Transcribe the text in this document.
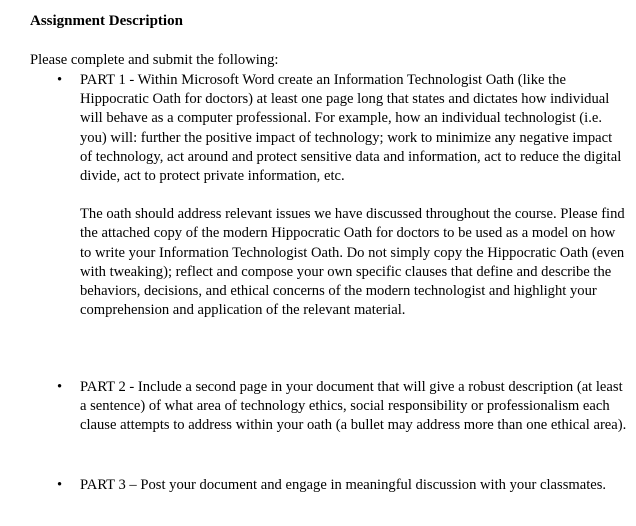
Assignment Description

Please complete and submit the following:

• PART 1 - Within Microsoft Word create an Information Technologist Oath (like the Hippocratic Oath for doctors) at least one page long that states and dictates how individual will behave as a computer professional. For example, how an individual technologist (i.e. you) will: further the positive impact of technology; work to minimize any negative impact of technology, act around and protect sensitive data and information, act to reduce the digital divide, act to protect private information, etc.

The oath should address relevant issues we have discussed throughout the course. Please find the attached copy of the modern Hippocratic Oath for doctors to be used as a model on how to write your Information Technologist Oath. Do not simply copy the Hippocratic Oath (even with tweaking); reflect and compose your own specific clauses that define and describe the behaviors, decisions, and ethical concerns of the modern technologist and highlight your comprehension and application of the relevant material.

• PART 2 - Include a second page in your document that will give a robust description (at least a sentence) of what area of technology ethics, social responsibility or professionalism each clause attempts to address within your oath (a bullet may address more than one ethical area).

• PART 3 – Post your document and engage in meaningful discussion with your classmates.
